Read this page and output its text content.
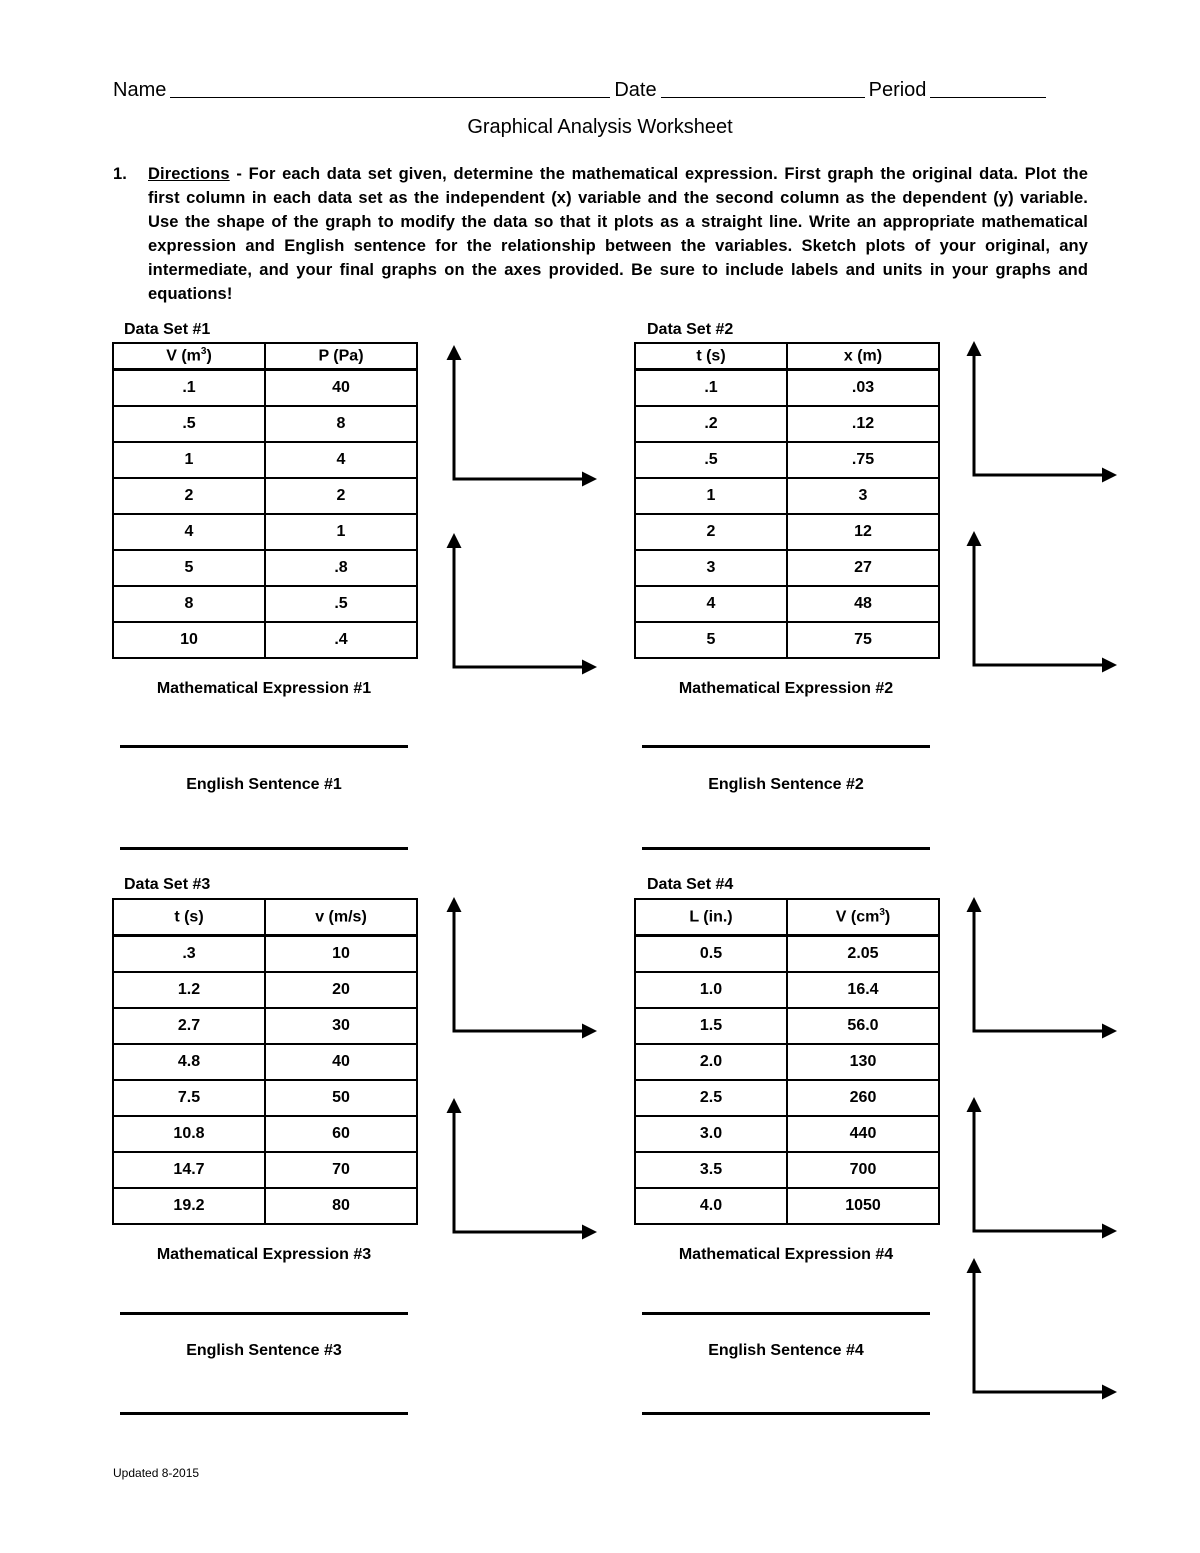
Name	Date	Period
Graphical Analysis Worksheet
1. Directions - For each data set given, determine the mathematical expression. First graph the original data. Plot the first column in each data set as the independent (x) variable and the second column as the dependent (y) variable. Use the shape of the graph to modify the data so that it plots as a straight line. Write an appropriate mathematical expression and English sentence for the relationship between the variables. Sketch plots of your original, any intermediate, and your final graphs on the axes provided. Be sure to include labels and units in your graphs and equations!
Data Set #1
V $(m^3)$	P (Pa)
.1	40
.5	8
1	4
2	2
4	1
5	.8
8	.5
10	.4
Mathematical Expression #1
English Sentence #1
Data Set #2
t (s)	x (m)
.1	.03
.2	.12
.5	.75
1	3
2	12
3	27
4	48
5	75
Mathematical Expression #2
English Sentence #2
Data Set #3
t (s)	v (m/s)
.3	10
1.2	20
2.7	30
4.8	40
7.5	50
10.8	60
14.7	70
19.2	80
Mathematical Expression #3
English Sentence #3
Data Set #4
L (in.)	V $(cm^3)$
0.5	2.05
1.0	16.4
1.5	56.0
2.0	130
2.5	260
3.0	440
3.5	700
4.0	1050
Mathematical Expression #4
English Sentence #4
Updated 8-2015
